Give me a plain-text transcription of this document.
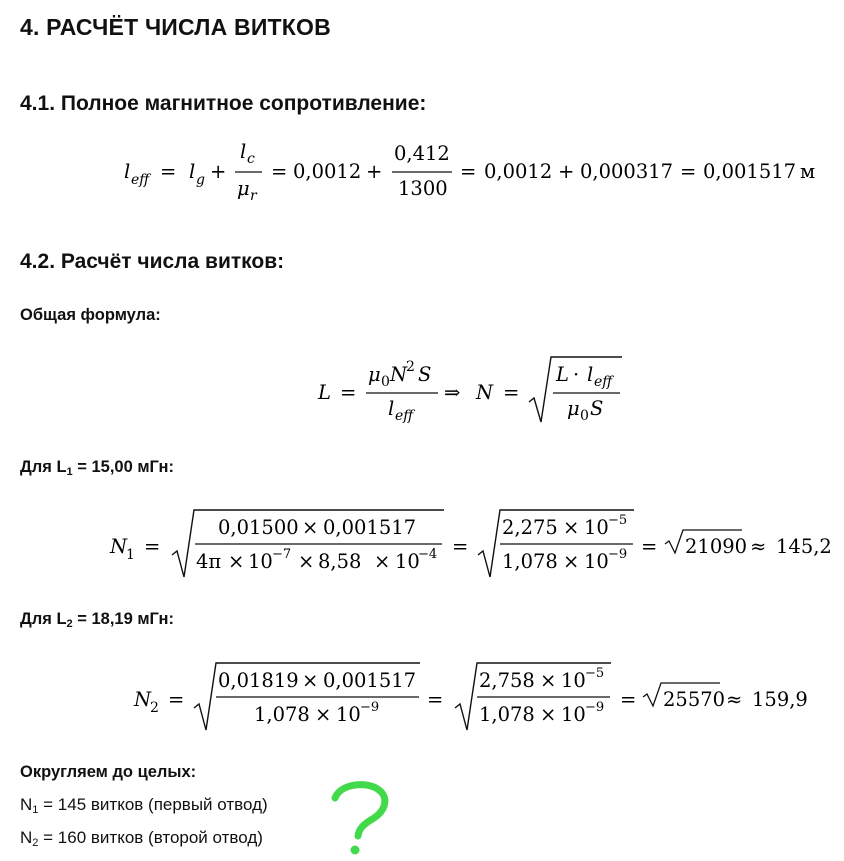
4. РАСЧЁТ ЧИСЛА ВИТКОВ
4.1. Полное магнитное сопротивление:
l eff = l g +
l c
μ r
= 0,0012 +
0,412
1300
= 0,0012 + 0,000317 = 0,001517 м
4.2. Расчёт числа витков:
Общая формула:
L =
μ 0 N
2 S
l eff
⇒ N =
L · l eff
μ 0 S
Для $L_1 = 15,00$ мГн:
N
1 =
0,01500 × 0,001517
4π × 10 −7 × 8,58 × 10
−4 =
2,275 × 10 −5
1,078 × 10 −9 = 21090 ≈ 145,2
Для $L_2 = 18,19$ мГн:
N
2 =
0,01819 × 0,001517
1,078 × 10 −9 =
2,758 × 10 −5
1,078 × 10 −9 = 25570 ≈ 159,9
Округляем до целых:
$N_1 = 145$ витков (первый отвод)
$N_2 = 160$ витков (второй отвод)
?
